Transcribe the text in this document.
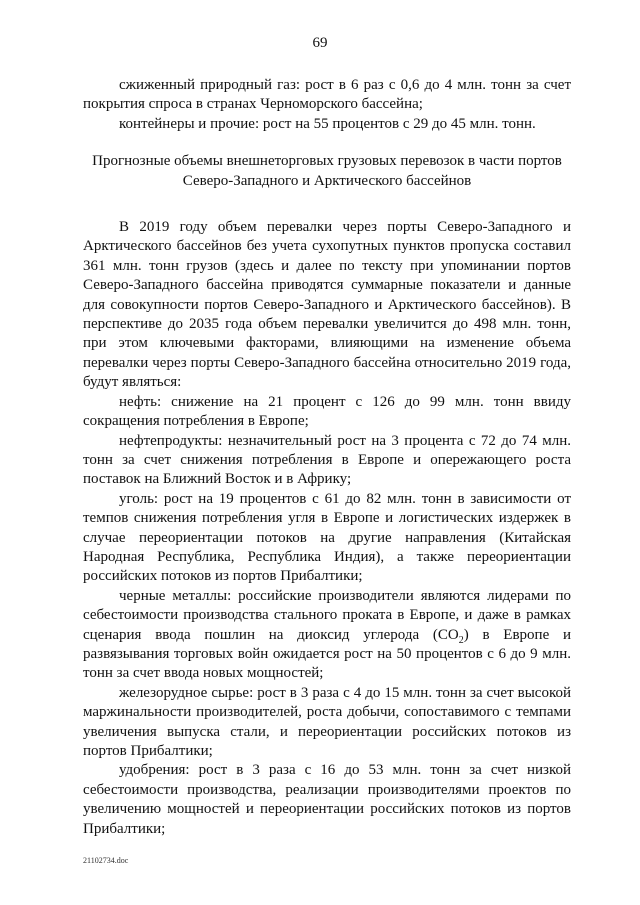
69

сжиженный природный газ: рост в 6 раз с 0,6 до 4 млн. тонн за счет покрытия спроса в странах Черноморского бассейна;

контейнеры и прочие: рост на 55 процентов с 29 до 45 млн. тонн.

Прогнозные объемы внешнеторговых грузовых перевозок в части портов
Северо-Западного и Арктического бассейнов

В 2019 году объем перевалки через порты Северо-Западного и Арктического бассейнов без учета сухопутных пунктов пропуска составил 361 млн. тонн грузов (здесь и далее по тексту при упоминании портов Северо-Западного бассейна приводятся суммарные показатели и данные для совокупности портов Северо-Западного и Арктического бассейнов). В перспективе до 2035 года объем перевалки увеличится до 498 млн. тонн, при этом ключевыми факторами, влияющими на изменение объема перевалки через порты Северо-Западного бассейна относительно 2019 года, будут являться:

нефть: снижение на 21 процент с 126 до 99 млн. тонн ввиду сокращения потребления в Европе;

нефтепродукты: незначительный рост на 3 процента с 72 до 74 млн. тонн за счет снижения потребления в Европе и опережающего роста поставок на Ближний Восток и в Африку;

уголь: рост на 19 процентов с 61 до 82 млн. тонн в зависимости от темпов снижения потребления угля в Европе и логистических издержек в случае переориентации потоков на другие направления (Китайская Народная Республика, Республика Индия), а также переориентации российских потоков из портов Прибалтики;

черные металлы: российские производители являются лидерами по себестоимости производства стального проката в Европе, и даже в рамках сценария ввода пошлин на диоксид углерода $(CO_2)$ в Европе и развязывания торговых войн ожидается рост на 50 процентов с 6 до 9 млн. тонн за счет ввода новых мощностей;

железорудное сырье: рост в 3 раза с 4 до 15 млн. тонн за счет высокой маржинальности производителей, роста добычи, сопоставимого с темпами увеличения выпуска стали, и переориентации российских потоков из портов Прибалтики;

удобрения: рост в 3 раза с 16 до 53 млн. тонн за счет низкой себестоимости производства, реализации производителями проектов по увеличению мощностей и переориентации российских потоков из портов Прибалтики;

21102734.doc
